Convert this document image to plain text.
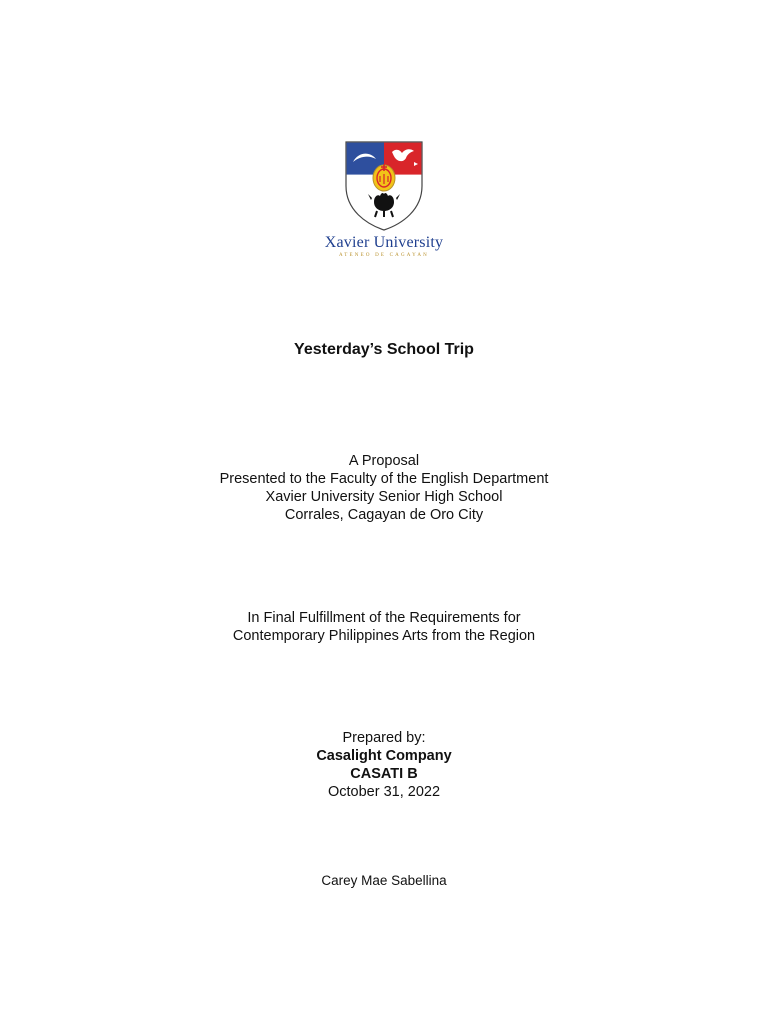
Xavier University
ATENEO DE CAGAYAN
Yesterday’s School Trip
A Proposal
Presented to the Faculty of the English Department
Xavier University Senior High School
Corrales, Cagayan de Oro City
In Final Fulfillment of the Requirements for
Contemporary Philippines Arts from the Region
Prepared by:
Casalight Company
CASATI B
October 31, 2022
Carey Mae Sabellina
